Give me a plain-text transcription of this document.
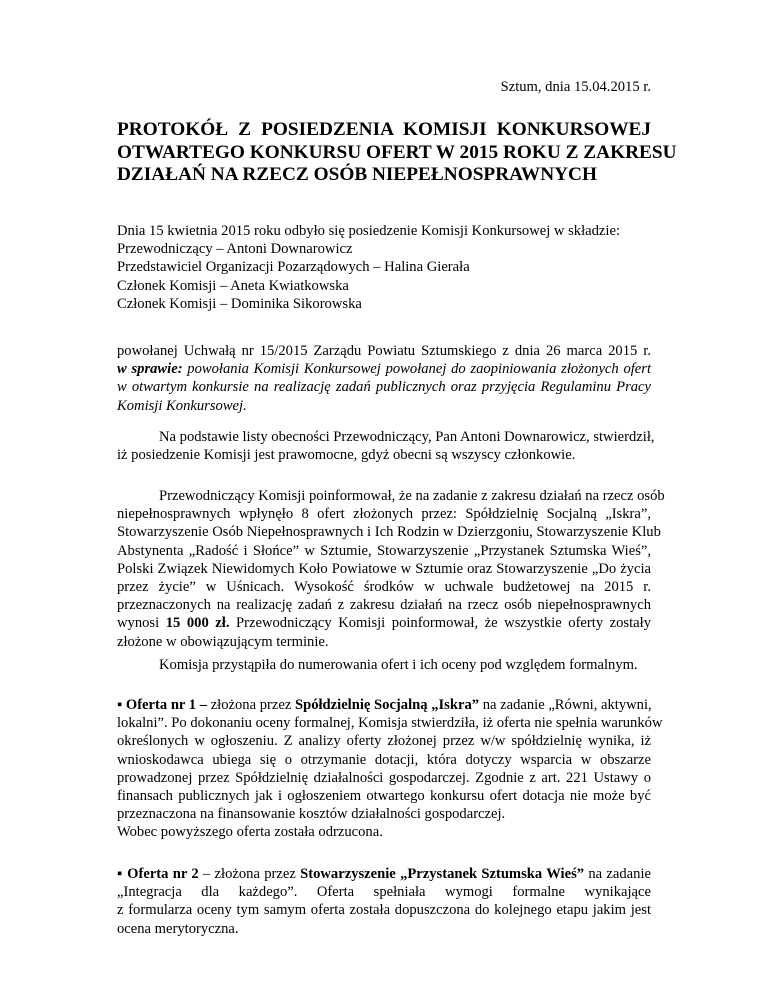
Sztum, dnia 15.04.2015 r.
PROTOKÓŁ Z POSIEDZENIA KOMISJI KONKURSOWEJ
OTWARTEGO KONKURSU OFERT W 2015 ROKU Z ZAKRESU
DZIAŁAŃ NA RZECZ OSÓB NIEPEŁNOSPRAWNYCH
Dnia 15 kwietnia 2015 roku odbyło się posiedzenie Komisji Konkursowej w składzie:
Przewodniczący – Antoni Downarowicz
Przedstawiciel Organizacji Pozarządowych – Halina Gierała
Członek Komisji – Aneta Kwiatkowska
Członek Komisji – Dominika Sikorowska
powołanej Uchwałą nr 15/2015 Zarządu Powiatu Sztumskiego z dnia 26 marca 2015 r.
w sprawie: powołania Komisji Konkursowej powołanej do zaopiniowania złożonych ofert
w otwartym konkursie na realizację zadań publicznych oraz przyjęcia Regulaminu Pracy
Komisji Konkursowej.
Na podstawie listy obecności Przewodniczący, Pan Antoni Downarowicz, stwierdził,
iż posiedzenie Komisji jest prawomocne, gdyż obecni są wszyscy członkowie.
Przewodniczący Komisji poinformował, że na zadanie z zakresu działań na rzecz osób
niepełnosprawnych wpłynęło 8 ofert złożonych przez: Spółdzielnię Socjalną „Iskra”,
Stowarzyszenie Osób Niepełnosprawnych i Ich Rodzin w Dzierzgoniu, Stowarzyszenie Klub
Abstynenta „Radość i Słońce” w Sztumie, Stowarzyszenie „Przystanek Sztumska Wieś”,
Polski Związek Niewidomych Koło Powiatowe w Sztumie oraz Stowarzyszenie „Do życia
przez życie” w Uśnicach. Wysokość środków w uchwale budżetowej na 2015 r.
przeznaczonych na realizację zadań z zakresu działań na rzecz osób niepełnosprawnych
wynosi 15 000 zł. Przewodniczący Komisji poinformował, że wszystkie oferty zostały
złożone w obowiązującym terminie.
Komisja przystąpiła do numerowania ofert i ich oceny pod względem formalnym.
▪ Oferta nr 1 – złożona przez Spółdzielnię Socjalną „Iskra” na zadanie „Równi, aktywni,
lokalni”. Po dokonaniu oceny formalnej, Komisja stwierdziła, iż oferta nie spełnia warunków
określonych w ogłoszeniu. Z analizy oferty złożonej przez w/w spółdzielnię wynika, iż
wnioskodawca ubiega się o otrzymanie dotacji, która dotyczy wsparcia w obszarze
prowadzonej przez Spółdzielnię działalności gospodarczej. Zgodnie z art. 221 Ustawy o
finansach publicznych jak i ogłoszeniem otwartego konkursu ofert dotacja nie może być
przeznaczona na finansowanie kosztów działalności gospodarczej.
Wobec powyższego oferta została odrzucona.
▪ Oferta nr 2 – złożona przez Stowarzyszenie „Przystanek Sztumska Wieś” na zadanie
„Integracja dla każdego”. Oferta spełniała wymogi formalne wynikające
z formularza oceny tym samym oferta została dopuszczona do kolejnego etapu jakim jest
ocena merytoryczna.
